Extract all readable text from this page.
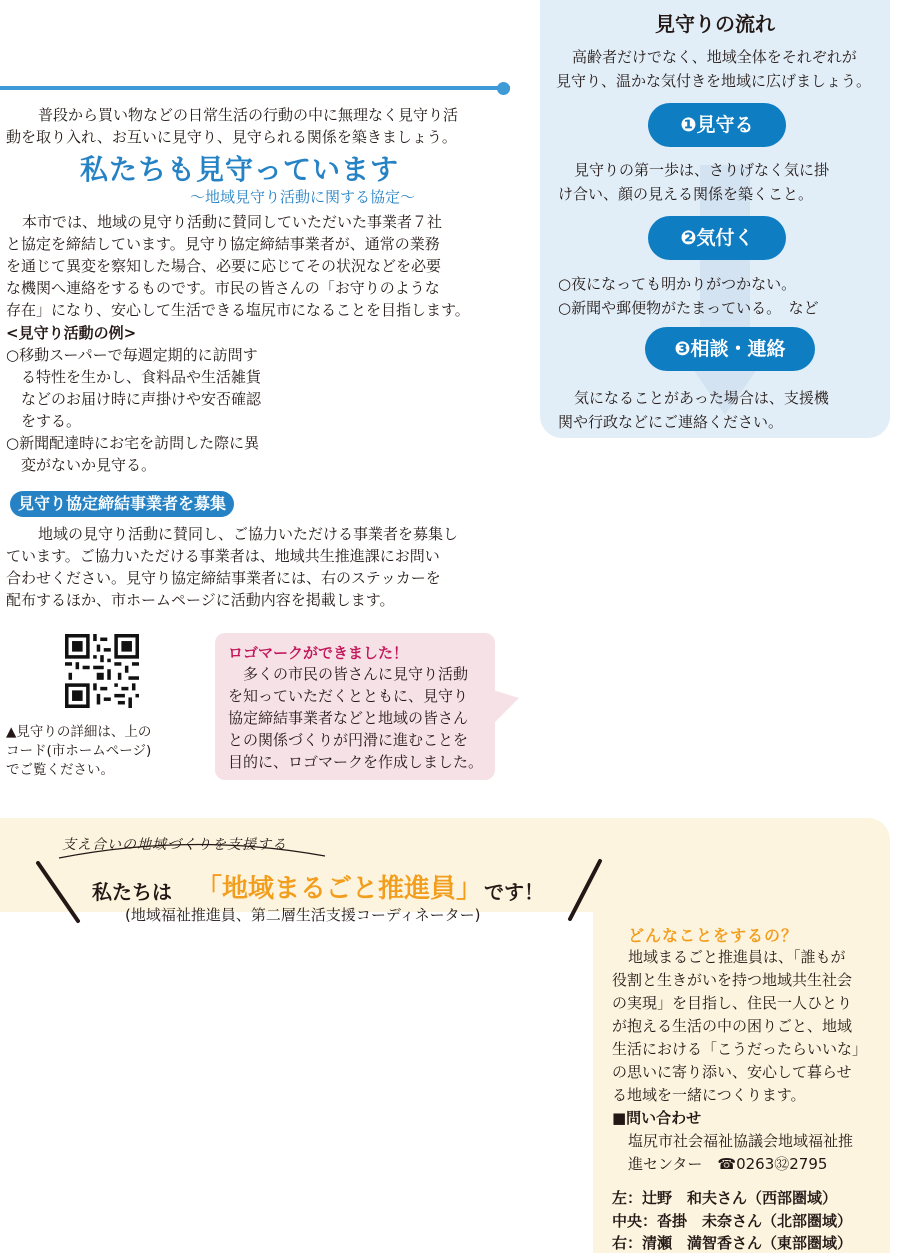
見守りの流れ
高齢者だけでなく、地域全体をそれぞれが
見守り、温かな気付きを地域に広げましょう。
❶見守る
見守りの第一歩は、さりげなく気に掛
け合い、顔の見える関係を築くこと。
❷気付く
○夜になっても明かりがつかない。
○新聞や郵便物がたまっている。　など
❸相談・連絡
気になることがあった場合は、支援機
関や行政などにご連絡ください。
普段から買い物などの日常生活の行動の中に無理なく見守り活
動を取り入れ、お互いに見守り、見守られる関係を築きましょう。
私たちも見守っています
～地域見守り活動に関する協定～
本市では、地域の見守り活動に賛同していただいた事業者７社
と協定を締結しています。見守り協定締結事業者が、通常の業務
を通じて異変を察知した場合、必要に応じてその状況などを必要
な機関へ連絡をするものです。市民の皆さんの「お守りのような
存在」になり、安心して生活できる塩尻市になることを目指します。
<見守り活動の例>
○移動スーパーで毎週定期的に訪問す
　る特性を生かし、食料品や生活雑貨
　などのお届け時に声掛けや安否確認
　をする。
○新聞配達時にお宅を訪問した際に異
　変がないか見守る。
見守り協定締結事業者を募集
地域の見守り活動に賛同し、ご協力いただける事業者を募集し
ています。ご協力いただける事業者は、地域共生推進課にお問い
合わせください。見守り協定締結事業者には、右のステッカーを
配布するほか、市ホームページに活動内容を掲載します。
▲見守りの詳細は、上の
コード(市ホームページ)
でご覧ください。
ロゴマークができました！
多くの市民の皆さんに見守り活動
を知っていただくとともに、見守り
協定締結事業者などと地域の皆さん
との関係づくりが円滑に進むことを
目的に、ロゴマークを作成しました。
支え合いの地域づくりを支援する
私たちは 「地域まるごと推進員」 です！
(地域福祉推進員、第二層生活支援コーディネーター)
どんなことをするの？
地域まるごと推進員は、「誰もが
役割と生きがいを持つ地域共生社会
の実現」を目指し、住民一人ひとり
が抱える生活の中の困りごと、地域
生活における「こうだったらいいな」
の思いに寄り添い、安心して暮らせ
る地域を一緒につくります。
■問い合わせ
塩尻市社会福祉協議会地域福祉推
進センター　☎0263㉜2795
左：辻野　和夫さん（西部圏域）
中央：沓掛　未奈さん（北部圏域）
右：清瀬　満智香さん（東部圏域）
